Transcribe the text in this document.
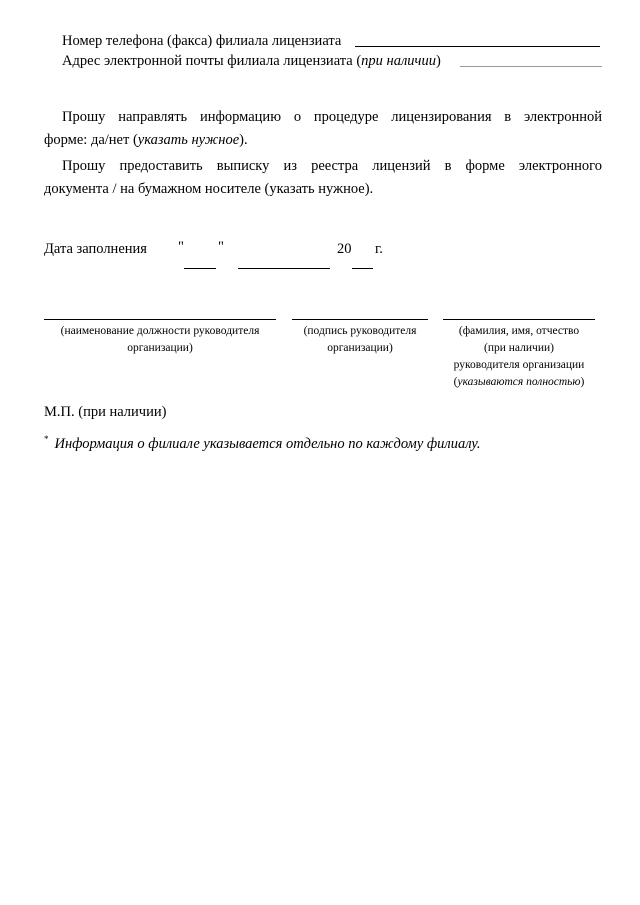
Номер телефона (факса) филиала лицензиата
Адрес электронной почты филиала лицензиата (при наличии)
Прошу направлять информацию о процедуре лицензирования в электронной
форме: да/нет (указать нужное).
Прошу предоставить выписку из реестра лицензий в форме электронного
документа / на бумажном носителе (указать нужное).
Дата заполнения " "	20 г.
(наименование должности руководителя
организации)
(подпись руководителя
организации)
(фамилия, имя, отчество
(при наличии)
руководителя организации
(указываются полностью)
М.П. (при наличии)
* Информация о филиале указывается отдельно по каждому филиалу.
